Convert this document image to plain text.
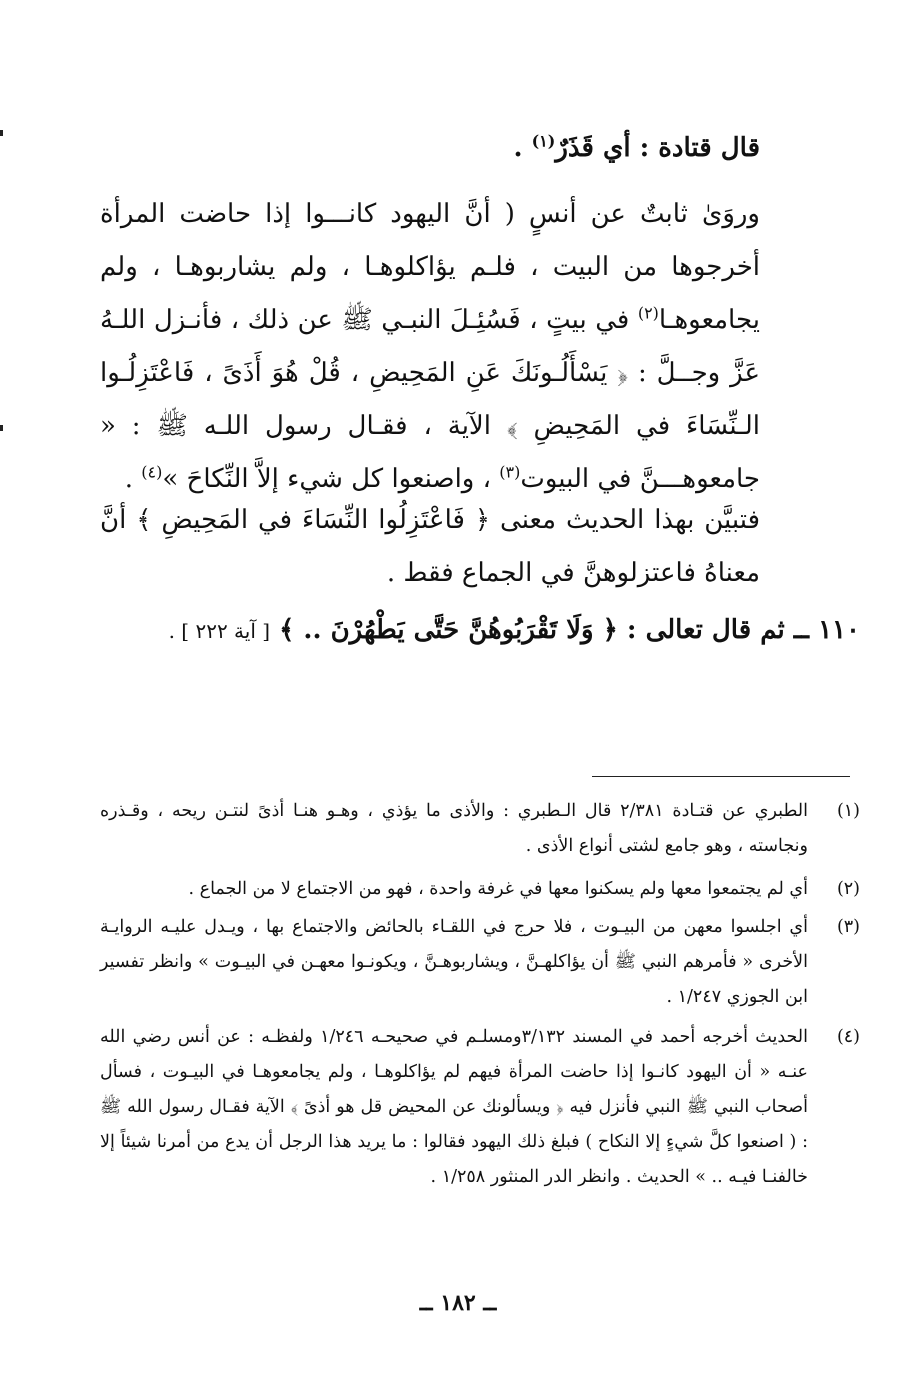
قال قتادة : أي قَذَرٌ$^{(١)}$ .
وروَىٰ ثابتٌ عن أنسٍ ( أنَّ اليهود كانـــوا إذا حاضت المرأة أخرجوها من البيت ، فلـم يؤاكلوهـا ، ولم يشاربوهـا ، ولم يجامعوهـا$^{(٢)}$ في بيتٍ ، فَسُئِـلَ النبـي ﷺ عن ذلك ، فأنـزل اللـهُ عَزَّ وجــلَّ : ﴿ يَسْأَلُـونَكَ عَنِ المَحِيضِ ، قُلْ هُوَ أَذَىً ، فَاعْتَزِلُـوا الـنِّسَاءَ في المَحِيضِ ﴾ الآية ، فقـال رسول اللـه ﷺ : « جامعوهـــنَّ في البيوت$^{(٣)}$ ، واصنعوا كل شيء إلاَّ النِّكاحَ »$^{(٤)}$ .
فتبيَّن بهذا الحديث معنى ﴿ فَاعْتَزِلُوا النِّسَاءَ في المَحِيضِ ﴾ أنَّ معناهُ فاعتزلوهنَّ في الجماع فقط .
١١٠ ــ ثم قال تعالى : ﴿ وَلَا تَقْرَبُوهُنَّ حَتَّى يَطْهُرْنَ .. ﴾ [ آية ٢٢٢ ] .
(١)
الطبري عن قتـادة ٢/٣٨١ قال الـطبري : والأذى ما يؤذي ، وهـو هنـا أذىً لنتـن ريحه ، وقـذره ونجاسته ، وهو جامع لشتى أنواع الأذى .
(٢)
أي لم يجتمعوا معها ولم يسكنوا معها في غرفة واحدة ، فهو من الاجتماع لا من الجماع .
(٣)
أي اجلسوا معهن من البيـوت ، فلا حرج في اللقـاء بالحائض والاجتماع بها ، ويـدل عليـه الروايـة الأخرى « فأمرهم النبي ﷺ أن يؤاكلهـنَّ ، ويشاربوهـنَّ ، ويكونـوا معهـن في البيـوت » وانظر تفسير ابن الجوزي ١/٢٤٧ .
(٤)
الحديث أخرجه أحمد في المسند ٣/١٣٢ومسلـم في صحيحـه ١/٢٤٦ ولفظـه : عن أنس رضي الله عنـه « أن اليهود كانـوا إذا حاضت المرأة فيهم لم يؤاكلوهـا ، ولم يجامعوهـا في البيـوت ، فسأل أصحاب النبي ﷺ النبي فأنزل فيه ﴿ ويسألونك عن المحيض قل هو أذىً ﴾ الآية فقـال رسول الله ﷺ : ( اصنعوا كلَّ شيءٍ إلا النكاح ) فبلغ ذلك اليهود فقالوا : ما يريد هذا الرجل أن يدع من أمرنا شيئاً إلا خالفنـا فيـه .. » الحديث . وانظر الدر المنثور ١/٢٥٨ .
ــ ١٨٢ ــ
